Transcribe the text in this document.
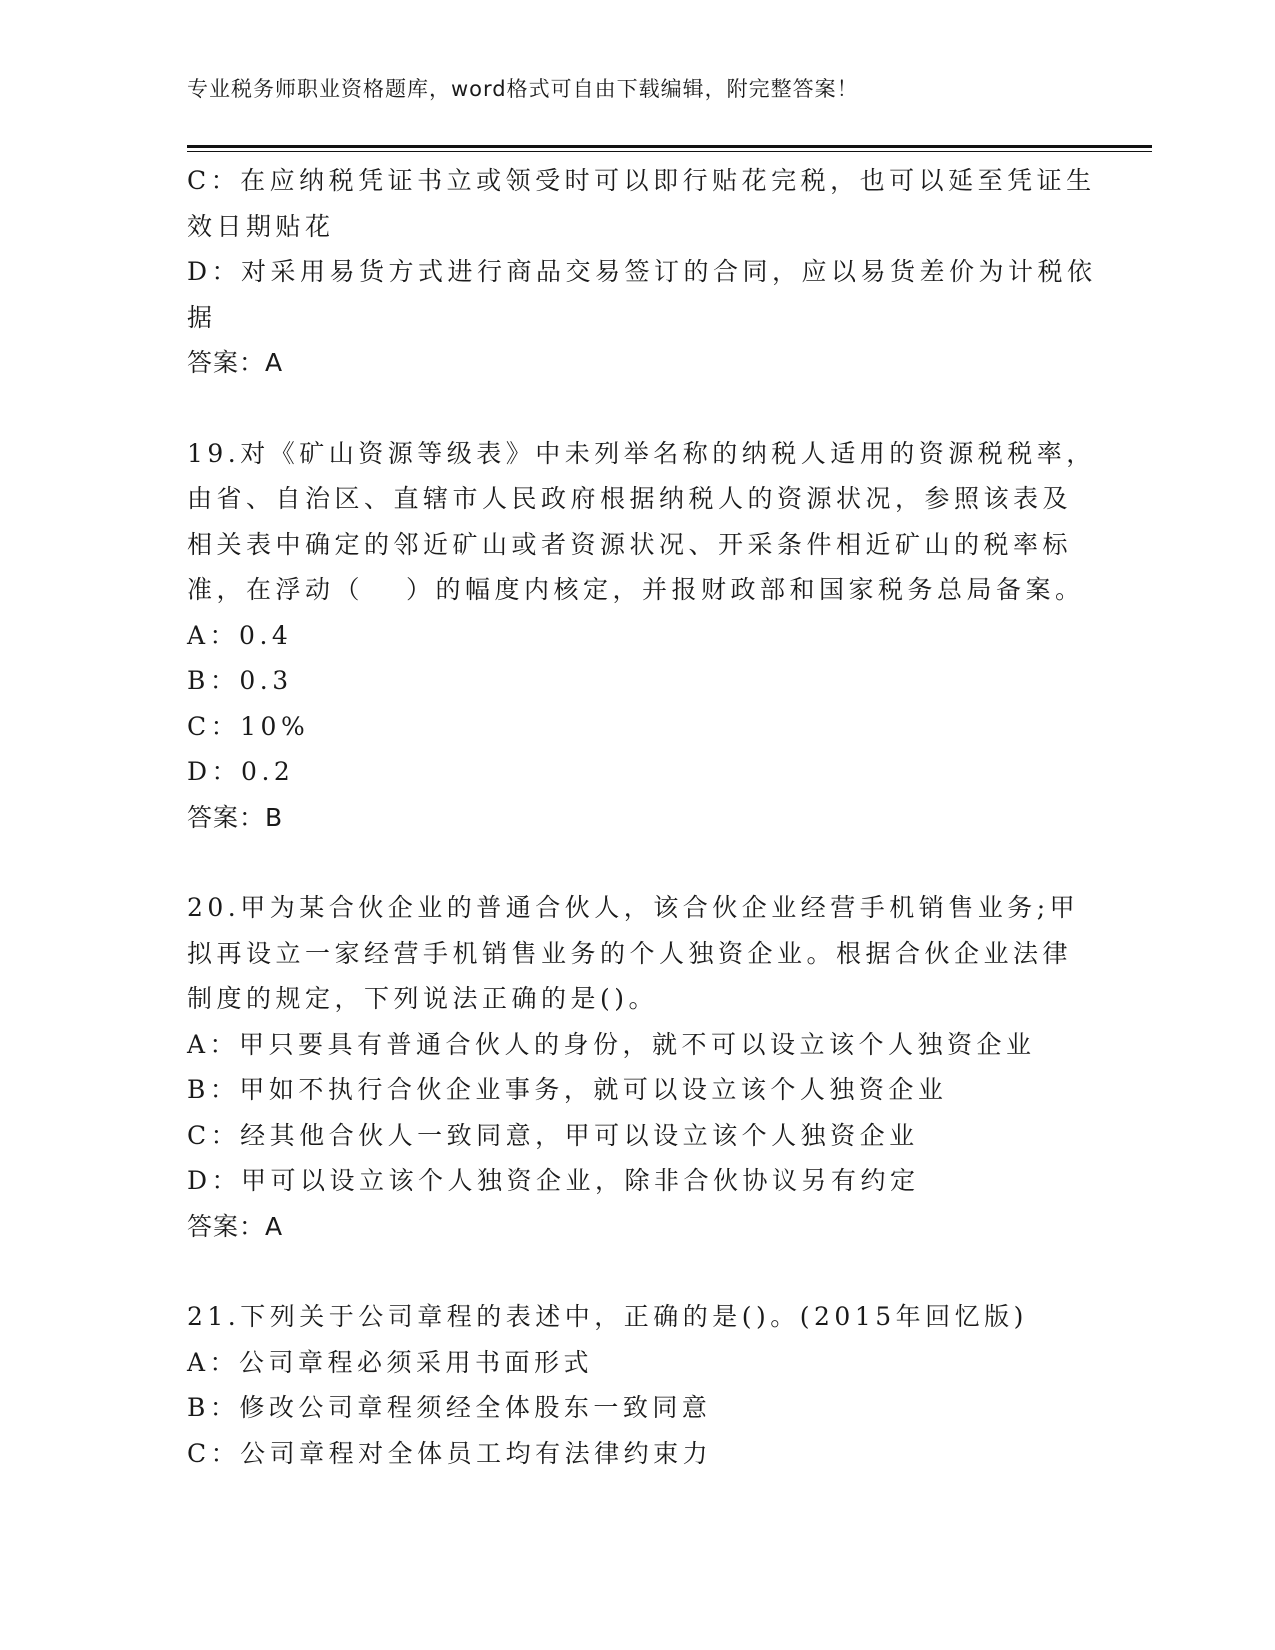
专业税务师职业资格题库，word格式可自由下载编辑，附完整答案！
C：在应纳税凭证书立或领受时可以即行贴花完税，也可以延至凭证生
效日期贴花
D：对采用易货方式进行商品交易签订的合同，应以易货差价为计税依
据
答案：A
19.对《矿山资源等级表》中未列举名称的纳税人适用的资源税税率，
由省、自治区、直辖市人民政府根据纳税人的资源状况，参照该表及
相关表中确定的邻近矿山或者资源状况、开采条件相近矿山的税率标
准，在浮动（　 ）的幅度内核定，并报财政部和国家税务总局备案。
A：0.4
B：0.3
C：10%
D：0.2
答案：B
20.甲为某合伙企业的普通合伙人，该合伙企业经营手机销售业务;甲
拟再设立一家经营手机销售业务的个人独资企业。根据合伙企业法律
制度的规定，下列说法正确的是()。
A：甲只要具有普通合伙人的身份，就不可以设立该个人独资企业
B：甲如不执行合伙企业事务，就可以设立该个人独资企业
C：经其他合伙人一致同意，甲可以设立该个人独资企业
D：甲可以设立该个人独资企业，除非合伙协议另有约定
答案：A
21.下列关于公司章程的表述中，正确的是()。(2015年回忆版)
A：公司章程必须采用书面形式
B：修改公司章程须经全体股东一致同意
C：公司章程对全体员工均有法律约束力
